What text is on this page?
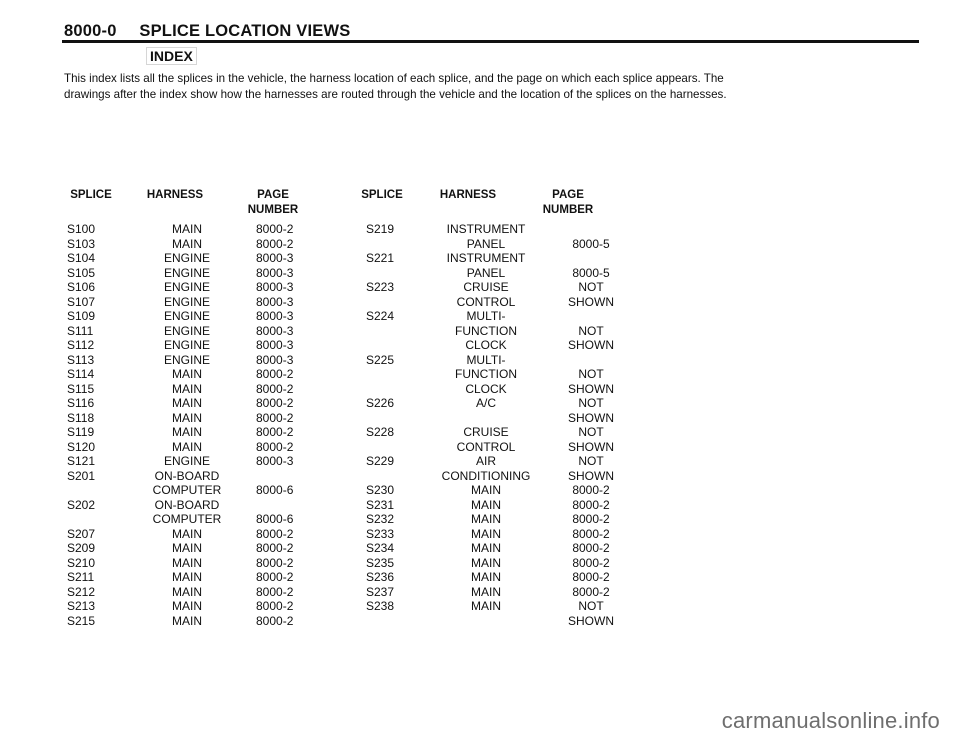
8000-0 SPLICE LOCATION VIEWS
INDEX
This index lists all the splices in the vehicle, the harness location of each splice, and the page on which each splice appears. The drawings after the index show how the harnesses are routed through the vehicle and the location of the splices on the harnesses.
SPLICE	HARNESS	PAGE
NUMBER
SPLICE	HARNESS	PAGE
NUMBER
S100	MAIN	8000-2
S103	MAIN	8000-2
S104	ENGINE	8000-3
S105	ENGINE	8000-3
S106	ENGINE	8000-3
S107	ENGINE	8000-3
S109	ENGINE	8000-3
S111	ENGINE	8000-3
S112	ENGINE	8000-3
S113	ENGINE	8000-3
S114	MAIN	8000-2
S115	MAIN	8000-2
S116	MAIN	8000-2
S118	MAIN	8000-2
S119	MAIN	8000-2
S120	MAIN	8000-2
S121	ENGINE	8000-3
S201	ON-BOARD
COMPUTER	8000-6
S202	ON-BOARD
COMPUTER	8000-6
S207	MAIN	8000-2
S209	MAIN	8000-2
S210	MAIN	8000-2
S211	MAIN	8000-2
S212	MAIN	8000-2
S213	MAIN	8000-2
S215	MAIN	8000-2
S219	INSTRUMENT
PANEL	8000-5
S221	INSTRUMENT
PANEL	8000-5
S223	CRUISE	NOT
CONTROL	SHOWN
S224	MULTI-
FUNCTION	NOT
CLOCK	SHOWN
S225	MULTI-
FUNCTION	NOT
CLOCK	SHOWN
S226	A/C	NOT
SHOWN
S228	CRUISE	NOT
CONTROL	SHOWN
S229	AIR	NOT
CONDITIONING	SHOWN
S230	MAIN	8000-2
S231	MAIN	8000-2
S232	MAIN	8000-2
S233	MAIN	8000-2
S234	MAIN	8000-2
S235	MAIN	8000-2
S236	MAIN	8000-2
S237	MAIN	8000-2
S238	MAIN	NOT
SHOWN
carmanualsonline.info
